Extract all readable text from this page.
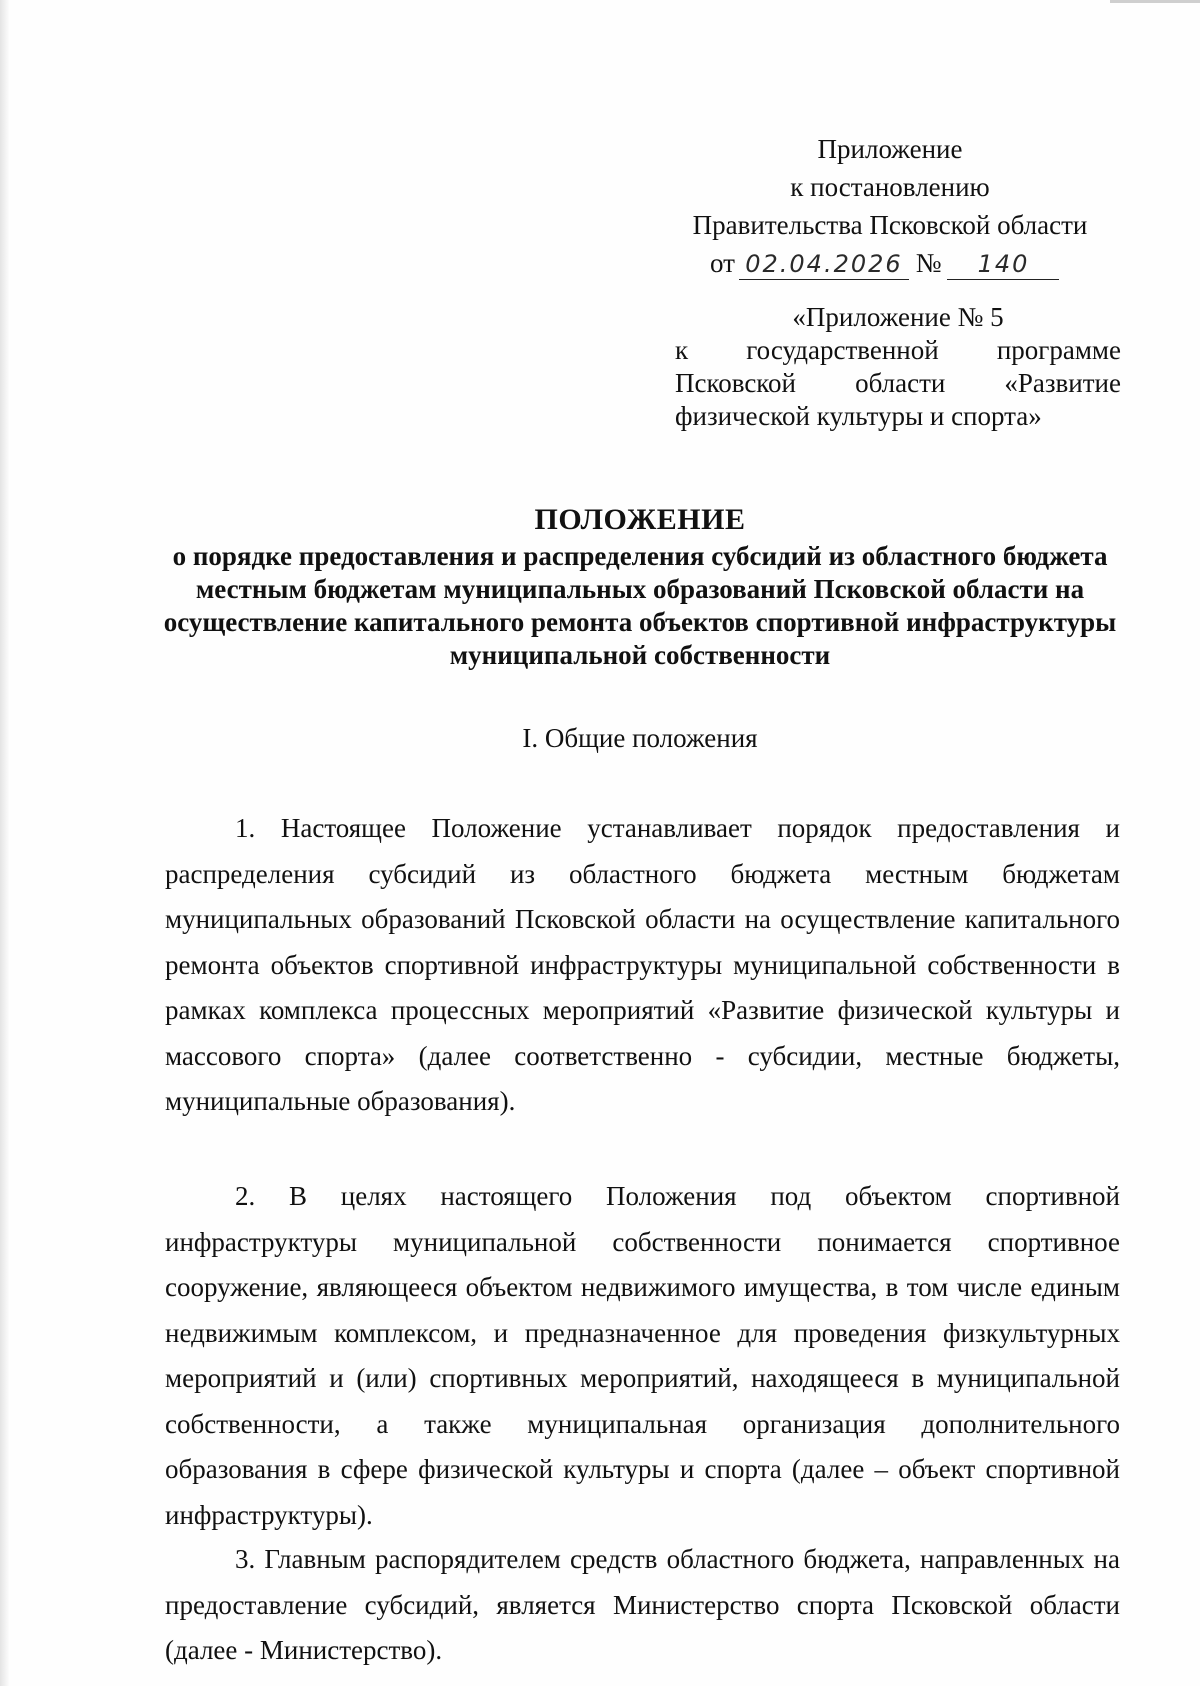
Приложение
к постановлению
Правительства Псковской области
от 02.04.2026 № 140
«Приложение № 5
к государственной программе Псковской области «Развитие физической культуры и спорта»
ПОЛОЖЕНИЕ
о порядке предоставления и распределения субсидий из областного бюджета местным бюджетам муниципальных образований Псковской области на осуществление капитального ремонта объектов спортивной инфраструктуры муниципальной собственности
I. Общие положения

1. Настоящее Положение устанавливает порядок предоставления и распределения субсидий из областного бюджета местным бюджетам муниципальных образований Псковской области на осуществление капитального ремонта объектов спортивной инфраструктуры муниципальной собственности в рамках комплекса процессных мероприятий «Развитие физической культуры и массового спорта» (далее соответственно - субсидии, местные бюджеты, муниципальные образования).

2. В целях настоящего Положения под объектом спортивной инфраструктуры муниципальной собственности понимается спортивное сооружение, являющееся объектом недвижимого имущества, в том числе единым недвижимым комплексом, и предназначенное для проведения физкультурных мероприятий и (или) спортивных мероприятий, находящееся в муниципальной собственности, а также муниципальная организация дополнительного образования в сфере физической культуры и спорта (далее – объект спортивной инфраструктуры).

3. Главным распорядителем средств областного бюджета, направленных на предоставление субсидий, является Министерство спорта Псковской области (далее - Министерство).
